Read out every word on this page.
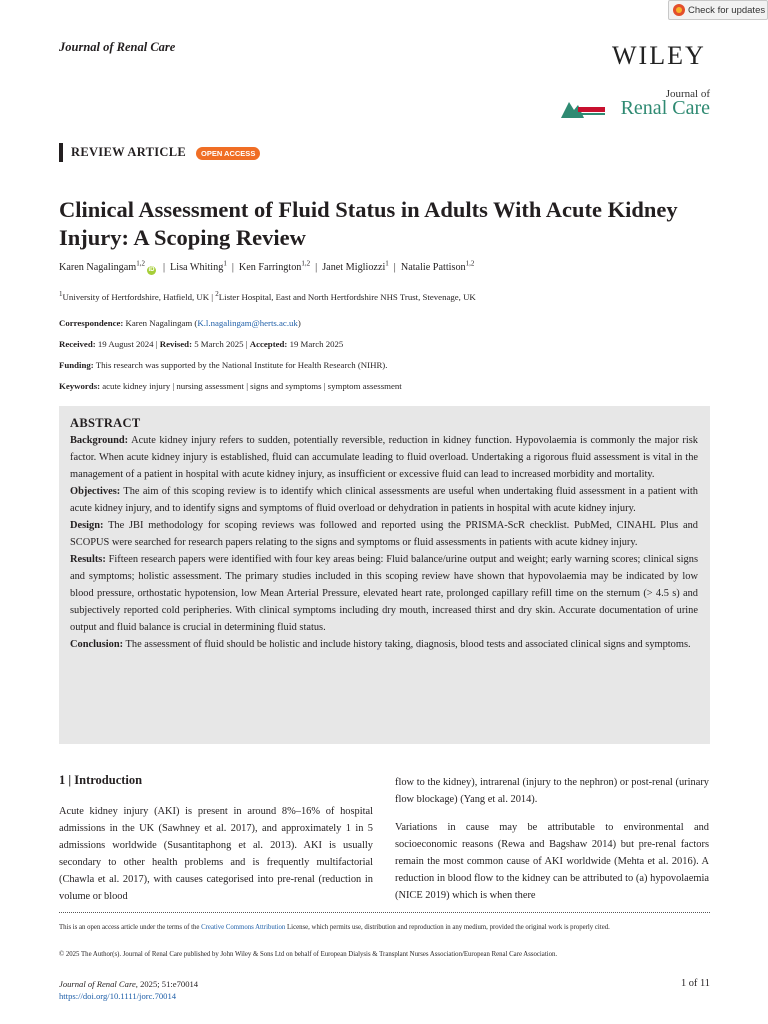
Check for updates
Journal of Renal Care	WILEY
Journal of
Renal Care
REVIEW ARTICLE	OPEN ACCESS
Clinical Assessment of Fluid Status in Adults With Acute Kidney Injury: A Scoping Review
Karen Nagalingam$^{1,2}$iD | Lisa Whiting$^1$ | Ken Farrington$^{1,2}$ | Janet Migliozzi$^1$ | Natalie Pattison$^{1,2}$
$^1$University of Hertfordshire, Hatfield, UK | $^2$Lister Hospital, East and North Hertfordshire NHS Trust, Stevenage, UK
Correspondence: Karen Nagalingam (K.l.nagalingam@herts.ac.uk)
Received: 19 August 2024 | Revised: 5 March 2025 | Accepted: 19 March 2025
Funding: This research was supported by the National Institute for Health Research (NIHR).
Keywords: acute kidney injury | nursing assessment | signs and symptoms | symptom assessment
ABSTRACT

Background: Acute kidney injury refers to sudden, potentially reversible, reduction in kidney function. Hypovolaemia is commonly the major risk factor. When acute kidney injury is established, fluid can accumulate leading to fluid overload. Undertaking a rigorous fluid assessment is vital in the management of a patient in hospital with acute kidney injury, as insufficient or excessive fluid can lead to increased morbidity and mortality.

Objectives: The aim of this scoping review is to identify which clinical assessments are useful when undertaking fluid assessment in a patient with acute kidney injury, and to identify signs and symptoms of fluid overload or dehydration in patients in hospital with acute kidney injury.

Design: The JBI methodology for scoping reviews was followed and reported using the PRISMA-ScR checklist. PubMed, CINAHL Plus and SCOPUS were searched for research papers relating to the signs and symptoms or fluid assessments in patients with acute kidney injury.

Results: Fifteen research papers were identified with four key areas being: Fluid balance/urine output and weight; early warning scores; clinical signs and symptoms; holistic assessment. The primary studies included in this scoping review have shown that hypovolaemia may be indicated by low blood pressure, orthostatic hypotension, low Mean Arterial Pressure, elevated heart rate, prolonged capillary refill time on the sternum (> 4.5 s) and subjectively reported cold peripheries. With clinical symptoms including dry mouth, increased thirst and dry skin. Accurate documentation of urine output and fluid balance is crucial in determining fluid status.

Conclusion: The assessment of fluid should be holistic and include history taking, diagnosis, blood tests and associated clinical signs and symptoms.

1 | Introduction

Acute kidney injury (AKI) is present in around 8%–16% of hospital admissions in the UK (Sawhney et al. 2017), and approximately 1 in 5 admissions worldwide (Susantitaphong et al. 2013). AKI is usually secondary to other health problems and is frequently multifactorial (Chawla et al. 2017), with causes categorised into pre-renal (reduction in volume or blood

flow to the kidney), intrarenal (injury to the nephron) or post-renal (urinary flow blockage) (Yang et al. 2014).

Variations in cause may be attributable to environmental and socioeconomic reasons (Rewa and Bagshaw 2014) but pre-renal factors remain the most common cause of AKI worldwide (Mehta et al. 2016). A reduction in blood flow to the kidney can be attributed to (a) hypovolaemia (NICE 2019) which is when there

This is an open access article under the terms of the Creative Commons Attribution License, which permits use, distribution and reproduction in any medium, provided the original work is properly cited.
© 2025 The Author(s). Journal of Renal Care published by John Wiley & Sons Ltd on behalf of European Dialysis & Transplant Nurses Association/European Renal Care Association.
Journal of Renal Care, 2025; 51:e70014
https://doi.org/10.1111/jorc.70014
1 of 11
